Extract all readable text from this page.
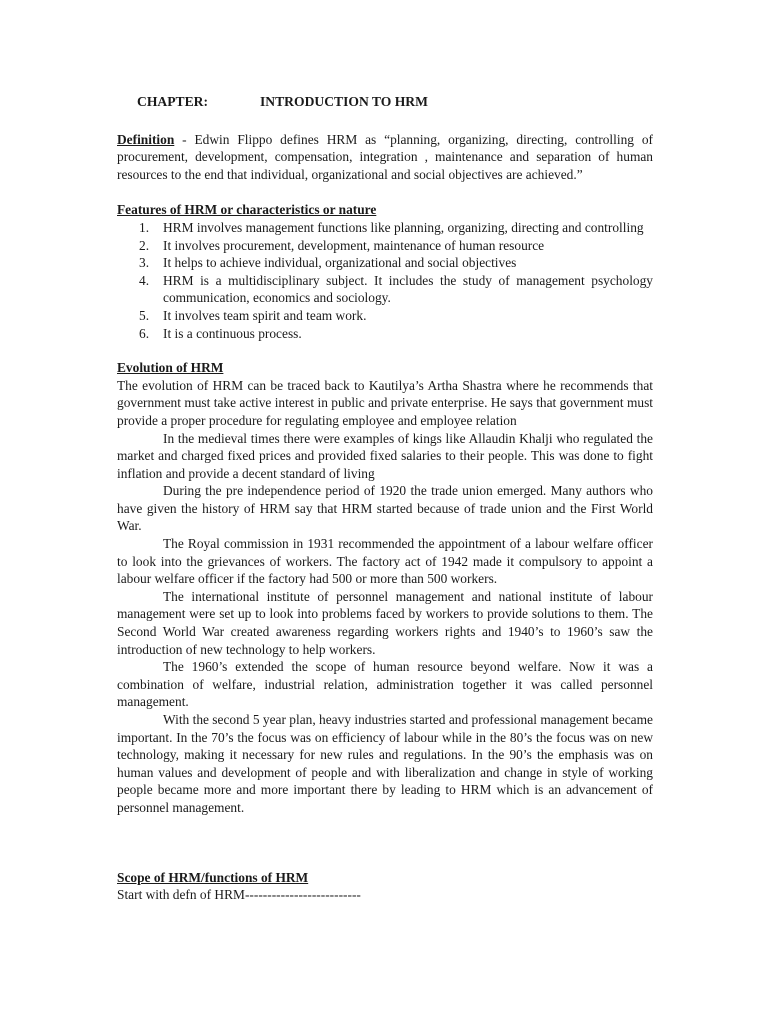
CHAPTER:	INTRODUCTION TO HRM

Definition - Edwin Flippo defines HRM as “planning, organizing, directing, controlling of procurement, development, compensation, integration , maintenance and separation of human resources to the end that individual, organizational and social objectives are achieved.”

Features of HRM or characteristics or nature

1. HRM involves management functions like planning, organizing, directing and controlling
2. It involves procurement, development, maintenance of human resource
3. It helps to achieve individual, organizational and social objectives
4. HRM is a multidisciplinary subject. It includes the study of management psychology communication, economics and sociology.
5. It involves team spirit and team work.
6. It is a continuous process.

Evolution of HRM

The evolution of HRM can be traced back to Kautilya’s Artha Shastra where he recommends that government must take active interest in public and private enterprise. He says that government must provide a proper procedure for regulating employee and employee relation

In the medieval times there were examples of kings like Allaudin Khalji who regulated the market and charged fixed prices and provided fixed salaries to their people. This was done to fight inflation and provide a decent standard of living

During the pre independence period of 1920 the trade union emerged. Many authors who have given the history of HRM say that HRM started because of trade union and the First World War.

The Royal commission in 1931 recommended the appointment of a labour welfare officer to look into the grievances of workers. The factory act of 1942 made it compulsory to appoint a labour welfare officer if the factory had 500 or more than 500 workers.

The international institute of personnel management and national institute of labour management were set up to look into problems faced by workers to provide solutions to them. The Second World War created awareness regarding workers rights and 1940’s to 1960’s saw the introduction of new technology to help workers.

The 1960’s extended the scope of human resource beyond welfare. Now it was a combination of welfare, industrial relation, administration together it was called personnel management.

With the second 5 year plan, heavy industries started and professional management became important. In the 70’s the focus was on efficiency of labour while in the 80’s the focus was on new technology, making it necessary for new rules and regulations. In the 90’s the emphasis was on human values and development of people and with liberalization and change in style of working people became more and more important there by leading to HRM which is an advancement of personnel management.

Scope of HRM/functions of HRM

Start with defn of HRM--------------------------
